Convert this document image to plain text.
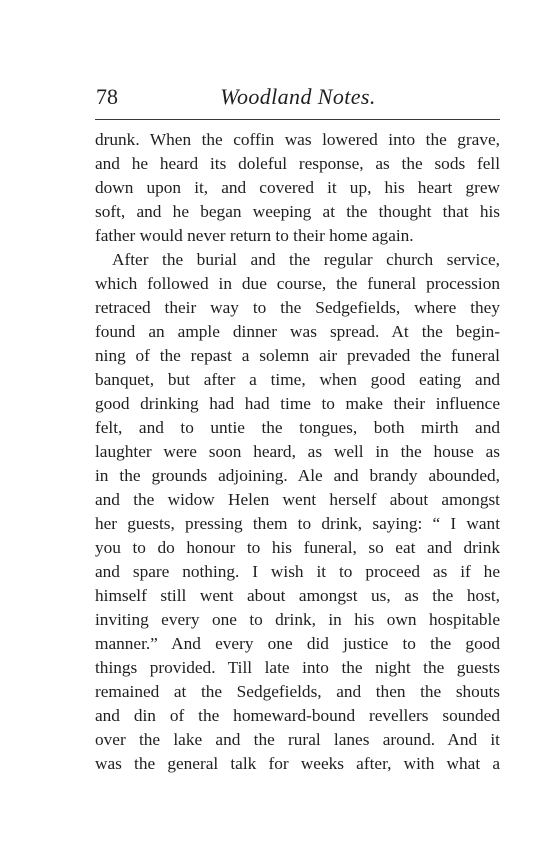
78	Woodland Notes.
drunk. When the coffin was lowered into the grave,
and he heard its doleful response, as the sods fell
down upon it, and covered it up, his heart grew
soft, and he began weeping at the thought that his
father would never return to their home again.
After the burial and the regular church service,
which followed in due course, the funeral procession
retraced their way to the Sedgefields, where they
found an ample dinner was spread. At the begin-
ning of the repast a solemn air prevaded the funeral
banquet, but after a time, when good eating and
good drinking had had time to make their influence
felt, and to untie the tongues, both mirth and
laughter were soon heard, as well in the house as
in the grounds adjoining. Ale and brandy abounded,
and the widow Helen went herself about amongst
her guests, pressing them to drink, saying: “ I want
you to do honour to his funeral, so eat and drink
and spare nothing. I wish it to proceed as if he
himself still went about amongst us, as the host,
inviting every one to drink, in his own hospitable
manner.” And every one did justice to the good
things provided. Till late into the night the guests
remained at the Sedgefields, and then the shouts
and din of the homeward-bound revellers sounded
over the lake and the rural lanes around. And it
was the general talk for weeks after, with what a
